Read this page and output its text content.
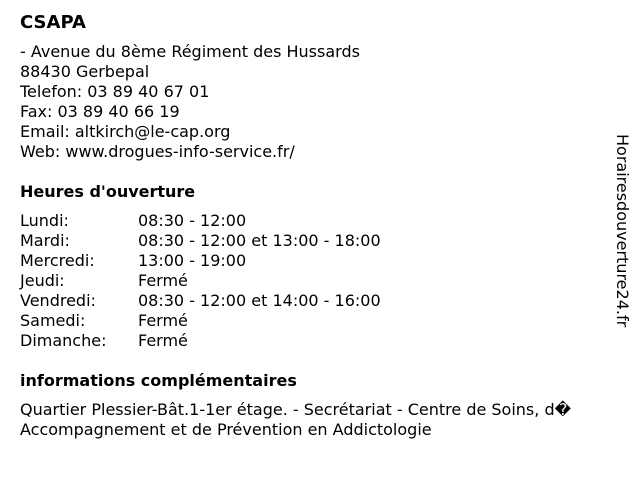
CSAPA
- Avenue du 8ème Régiment des Hussards
88430 Gerbepal
Telefon: 03 89 40 67 01
Fax: 03 89 40 66 19
Email: altkirch@le-cap.org
Web: www.drogues-info-service.fr/
Heures d'ouverture
Lundi:	08:30 - 12:00
Mardi:	08:30 - 12:00 et 13:00 - 18:00
Mercredi:	13:00 - 19:00
Jeudi:	Fermé
Vendredi:	08:30 - 12:00 et 14:00 - 16:00
Samedi:	Fermé
Dimanche:	Fermé
informations complémentaires
Quartier Plessier-Bât.1-1er étage. - Secrétariat - Centre de Soins, d�
Accompagnement et de Prévention en Addictologie
Horairesdouverture24.fr
